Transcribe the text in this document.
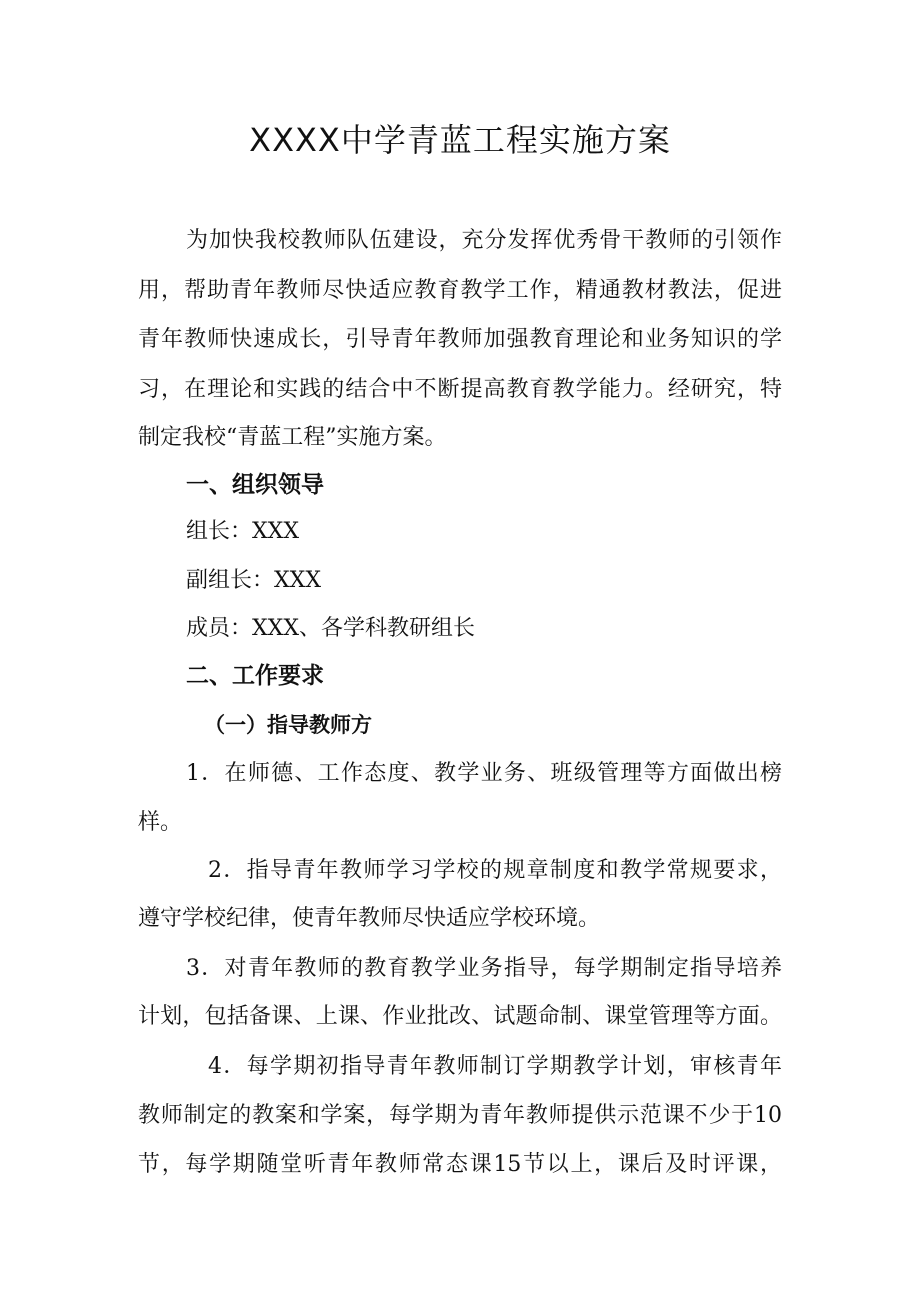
XXXX中学青蓝工程实施方案
为加快我校教师队伍建设，充分发挥优秀骨干教师的引领作
用，帮助青年教师尽快适应教育教学工作，精通教材教法，促进
青年教师快速成长，引导青年教师加强教育理论和业务知识的学
习，在理论和实践的结合中不断提高教育教学能力。经研究，特
制定我校“青蓝工程”实施方案。
一、组织领导
组长：XXX
副组长：XXX
成员：XXX、各学科教研组长
二、工作要求
（一）指导教师方
1．在师德、工作态度、教学业务、班级管理等方面做出榜
样。
2．指导青年教师学习学校的规章制度和教学常规要求，
遵守学校纪律，使青年教师尽快适应学校环境。
3．对青年教师的教育教学业务指导，每学期制定指导培养
计划，包括备课、上课、作业批改、试题命制、课堂管理等方面。
4．每学期初指导青年教师制订学期教学计划，审核青年
教师制定的教案和学案，每学期为青年教师提供示范课不少于10
节，每学期随堂听青年教师常态课15节以上，课后及时评课，
